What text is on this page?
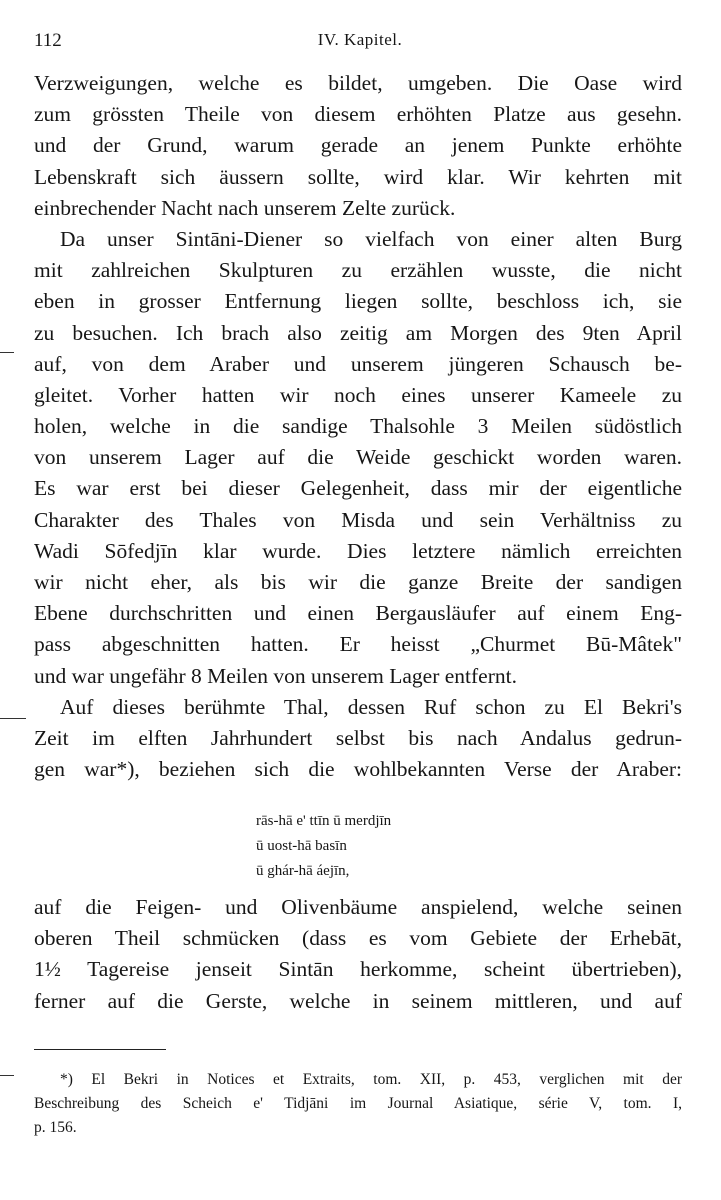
112	IV. Kapitel.
Verzweigungen, welche es bildet, umgeben. Die Oase wird
zum grössten Theile von diesem erhöhten Platze aus gesehn.
und der Grund, warum gerade an jenem Punkte erhöhte
Lebenskraft sich äussern sollte, wird klar. Wir kehrten mit
einbrechender Nacht nach unserem Zelte zurück.
Da unser Sintāni-Diener so vielfach von einer alten Burg
mit zahlreichen Skulpturen zu erzählen wusste, die nicht
eben in grosser Entfernung liegen sollte, beschloss ich, sie
zu besuchen. Ich brach also zeitig am Morgen des 9ten April
auf, von dem Araber und unserem jüngeren Schausch be-
gleitet. Vorher hatten wir noch eines unserer Kameele zu
holen, welche in die sandige Thalsohle 3 Meilen südöstlich
von unserem Lager auf die Weide geschickt worden waren.
Es war erst bei dieser Gelegenheit, dass mir der eigentliche
Charakter des Thales von Misda und sein Verhältniss zu
Wadi Sōfedjīn klar wurde. Dies letztere nämlich erreichten
wir nicht eher, als bis wir die ganze Breite der sandigen
Ebene durchschritten und einen Bergausläufer auf einem Eng-
pass abgeschnitten hatten. Er heisst „Churmet Bū-Mâtek"
und war ungefähr 8 Meilen von unserem Lager entfernt.
Auf dieses berühmte Thal, dessen Ruf schon zu El Bekri's
Zeit im elften Jahrhundert selbst bis nach Andalus gedrun-
gen war*), beziehen sich die wohlbekannten Verse der Araber:
rās-hā e' ttīn ū merdjīn
ū uost-hā basīn
ū ghár-hā áejīn,
auf die Feigen- und Olivenbäume anspielend, welche seinen
oberen Theil schmücken (dass es vom Gebiete der Erhebāt,
1½ Tagereise jenseit Sintān herkomme, scheint übertrieben),
ferner auf die Gerste, welche in seinem mittleren, und auf
*) El Bekri in Notices et Extraits, tom. XII, p. 453, verglichen mit der
Beschreibung des Scheich e' Tidjāni im Journal Asiatique, série V, tom. I,
p. 156.
